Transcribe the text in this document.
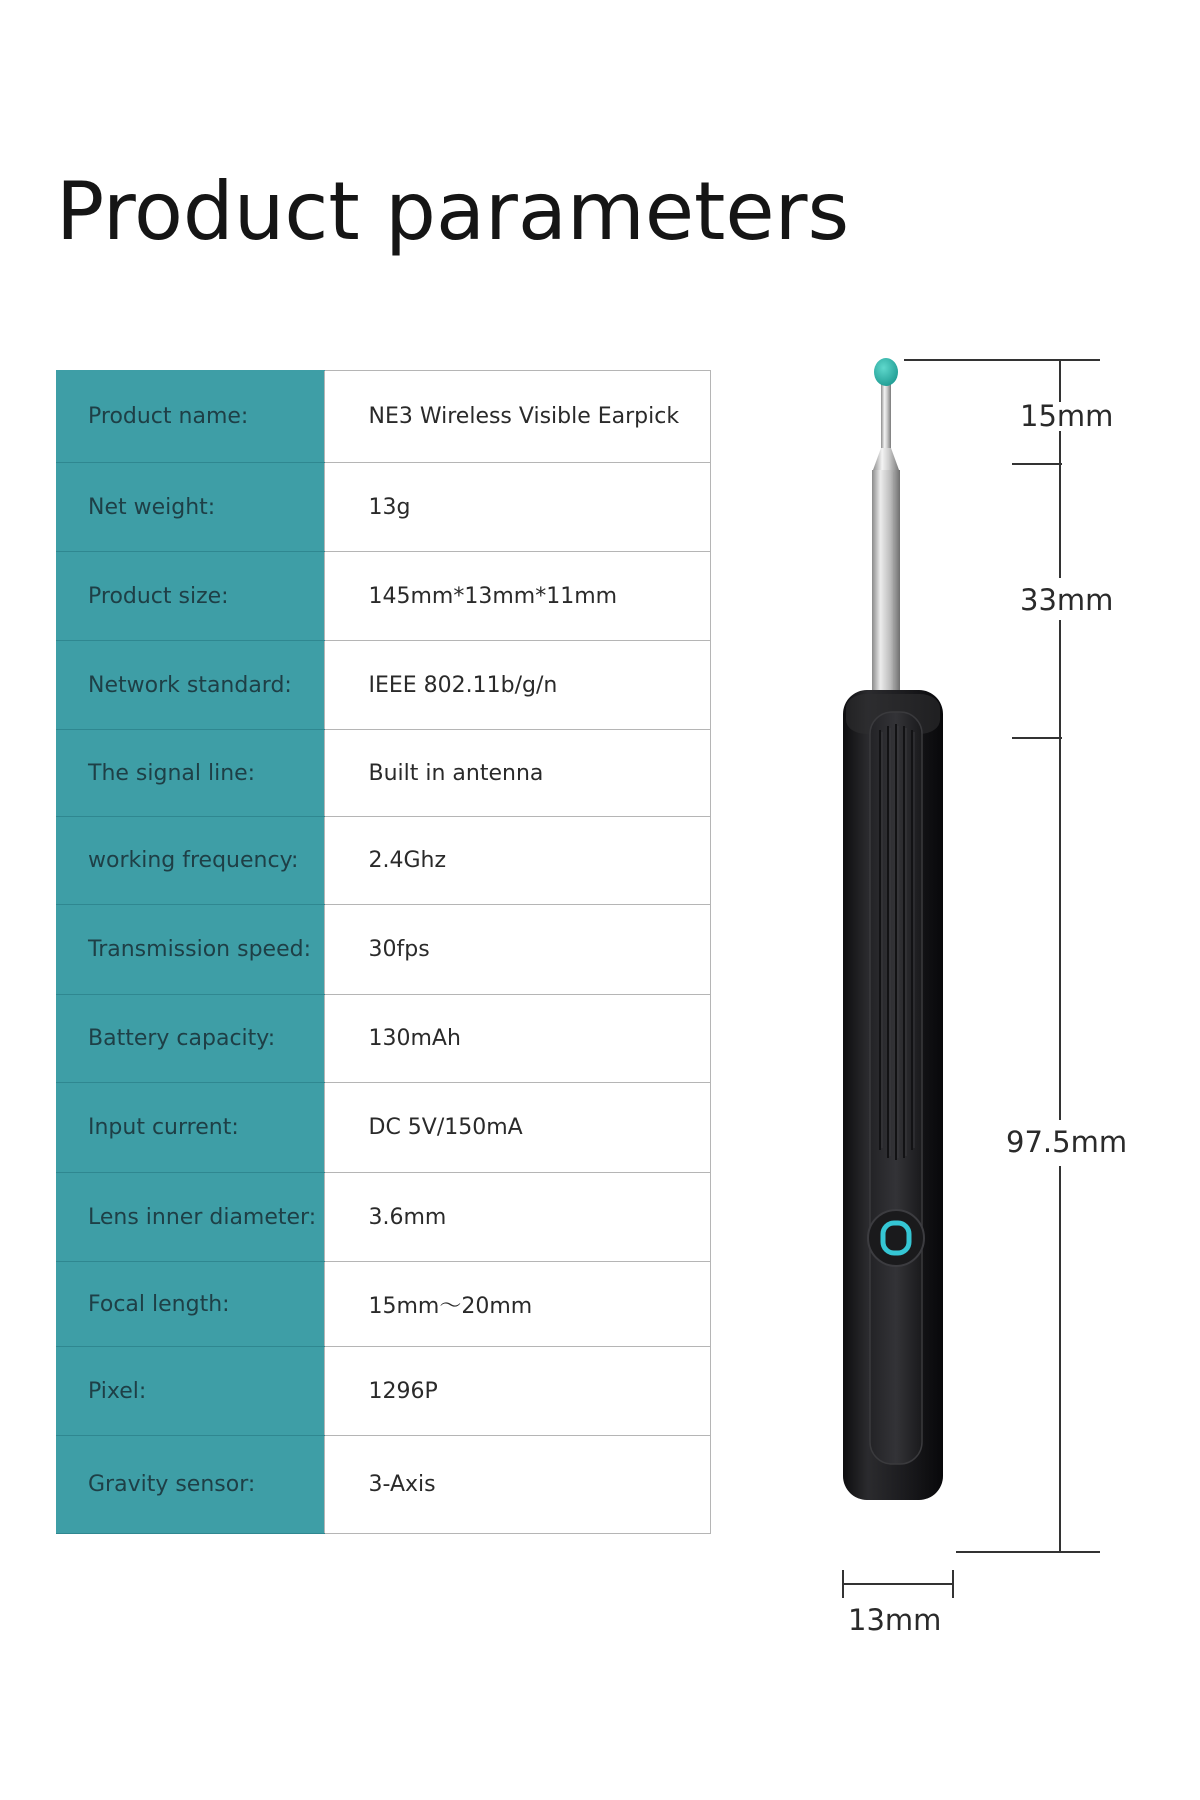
Product parameters
Product name:	NE3 Wireless Visible Earpick
Net weight:	13g
Product size:	145mm*13mm*11mm
Network standard:	IEEE 802.11b/g/n
The signal line:	Built in antenna
working frequency:	2.4Ghz
Transmission speed:	30fps
Battery capacity:	130mAh
Input current:	DC 5V/150mA
Lens inner diameter:	3.6mm
Focal length:	15mm～20mm
Pixel:	1296P
Gravity sensor:	3-Axis
15mm
33mm
97.5mm
13mm
